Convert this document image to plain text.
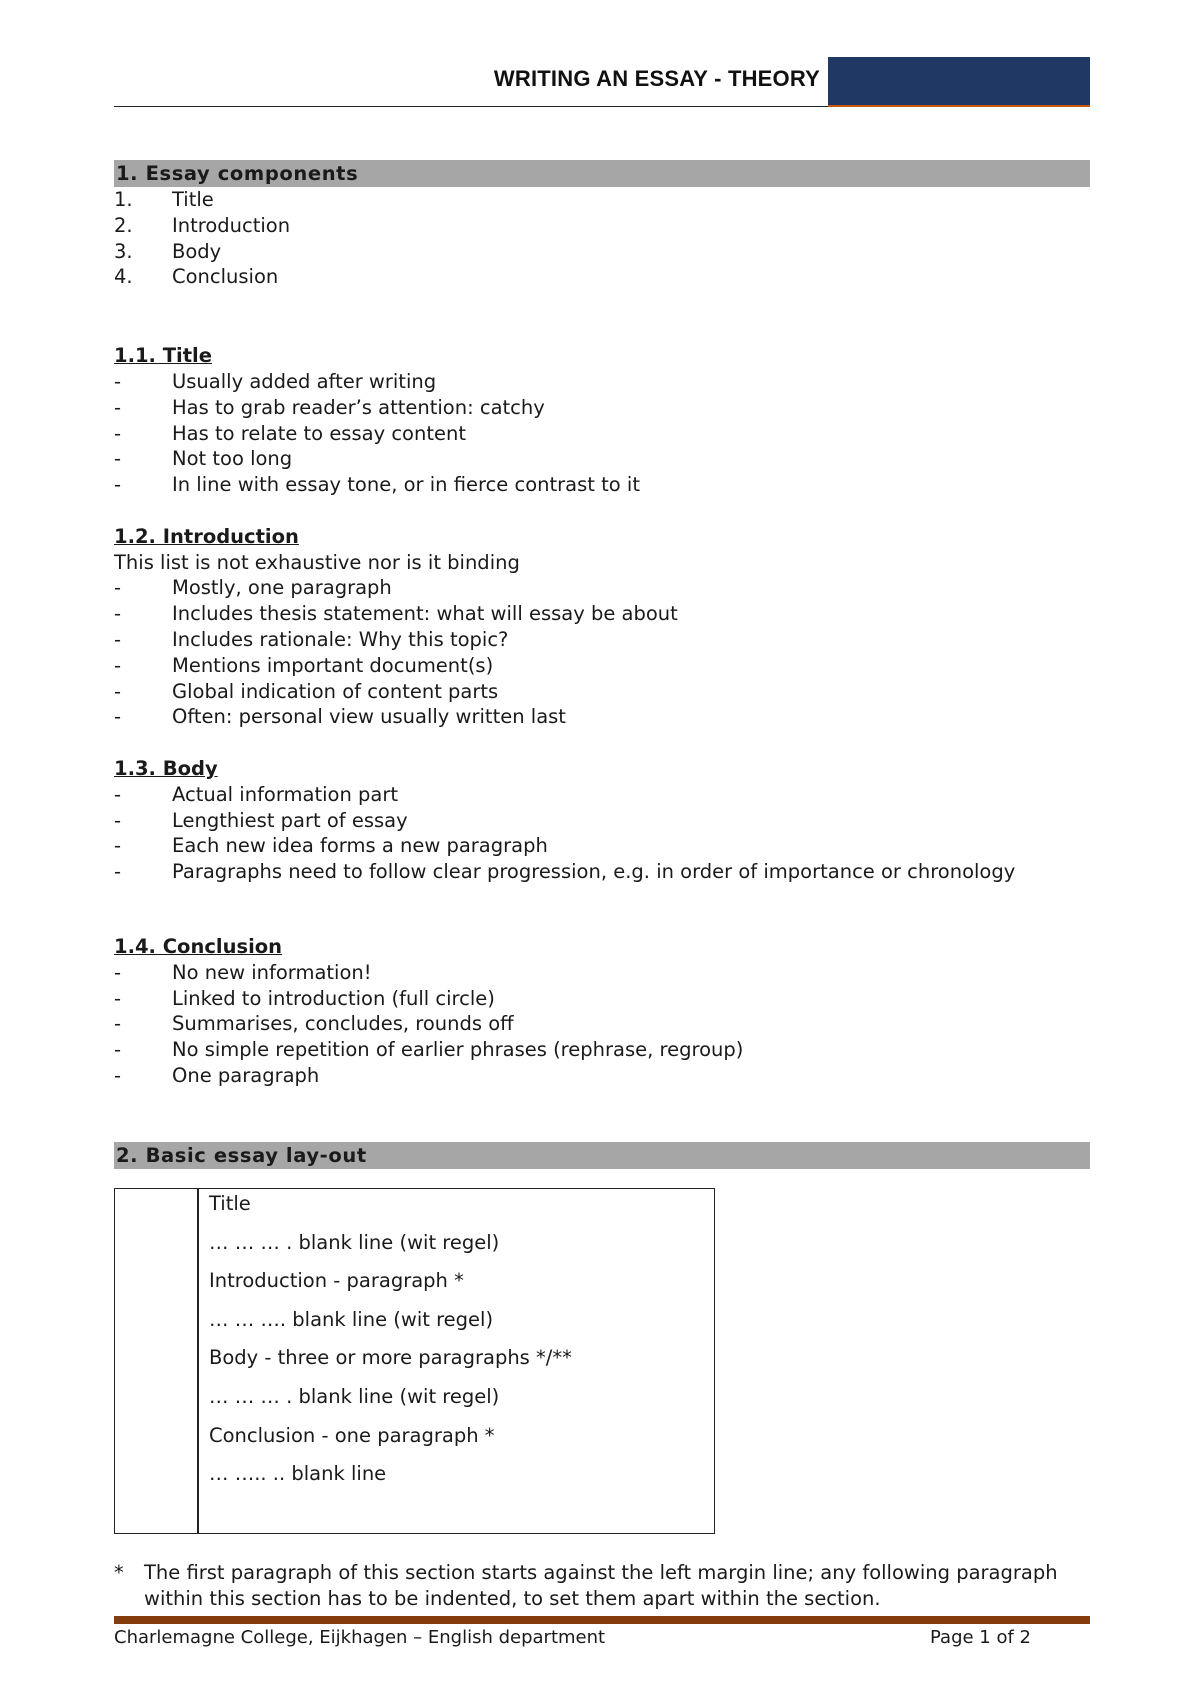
WRITING AN ESSAY - THEORY
1. Essay components
1. Title
2. Introduction
3. Body
4. Conclusion
1.1. Title
-	Usually added after writing
-	Has to grab reader’s attention: catchy
-	Has to relate to essay content
-	Not too long
-	In line with essay tone, or in fierce contrast to it
1.2. Introduction
This list is not exhaustive nor is it binding
-	Mostly, one paragraph
-	Includes thesis statement: what will essay be about
-	Includes rationale: Why this topic?
-	Mentions important document(s)
-	Global indication of content parts
-	Often: personal view usually written last
1.3. Body
-	Actual information part
-	Lengthiest part of essay
-	Each new idea forms a new paragraph
-	Paragraphs need to follow clear progression, e.g. in order of importance or chronology
1.4. Conclusion
-	No new information!
-	Linked to introduction (full circle)
-	Summarises, concludes, rounds off
-	No simple repetition of earlier phrases (rephrase, regroup)
-	One paragraph
2. Basic essay lay-out
Title
… … … . blank line (wit regel)
Introduction - paragraph *
… … …. blank line (wit regel)
Body - three or more paragraphs */**
… … … . blank line (wit regel)
Conclusion - one paragraph *
… ….. .. blank line
* The first paragraph of this section starts against the left margin line; any following paragraph within this section has to be indented, to set them apart within the section.
Charlemagne College, Eijkhagen – English department	Page 1 of 2
